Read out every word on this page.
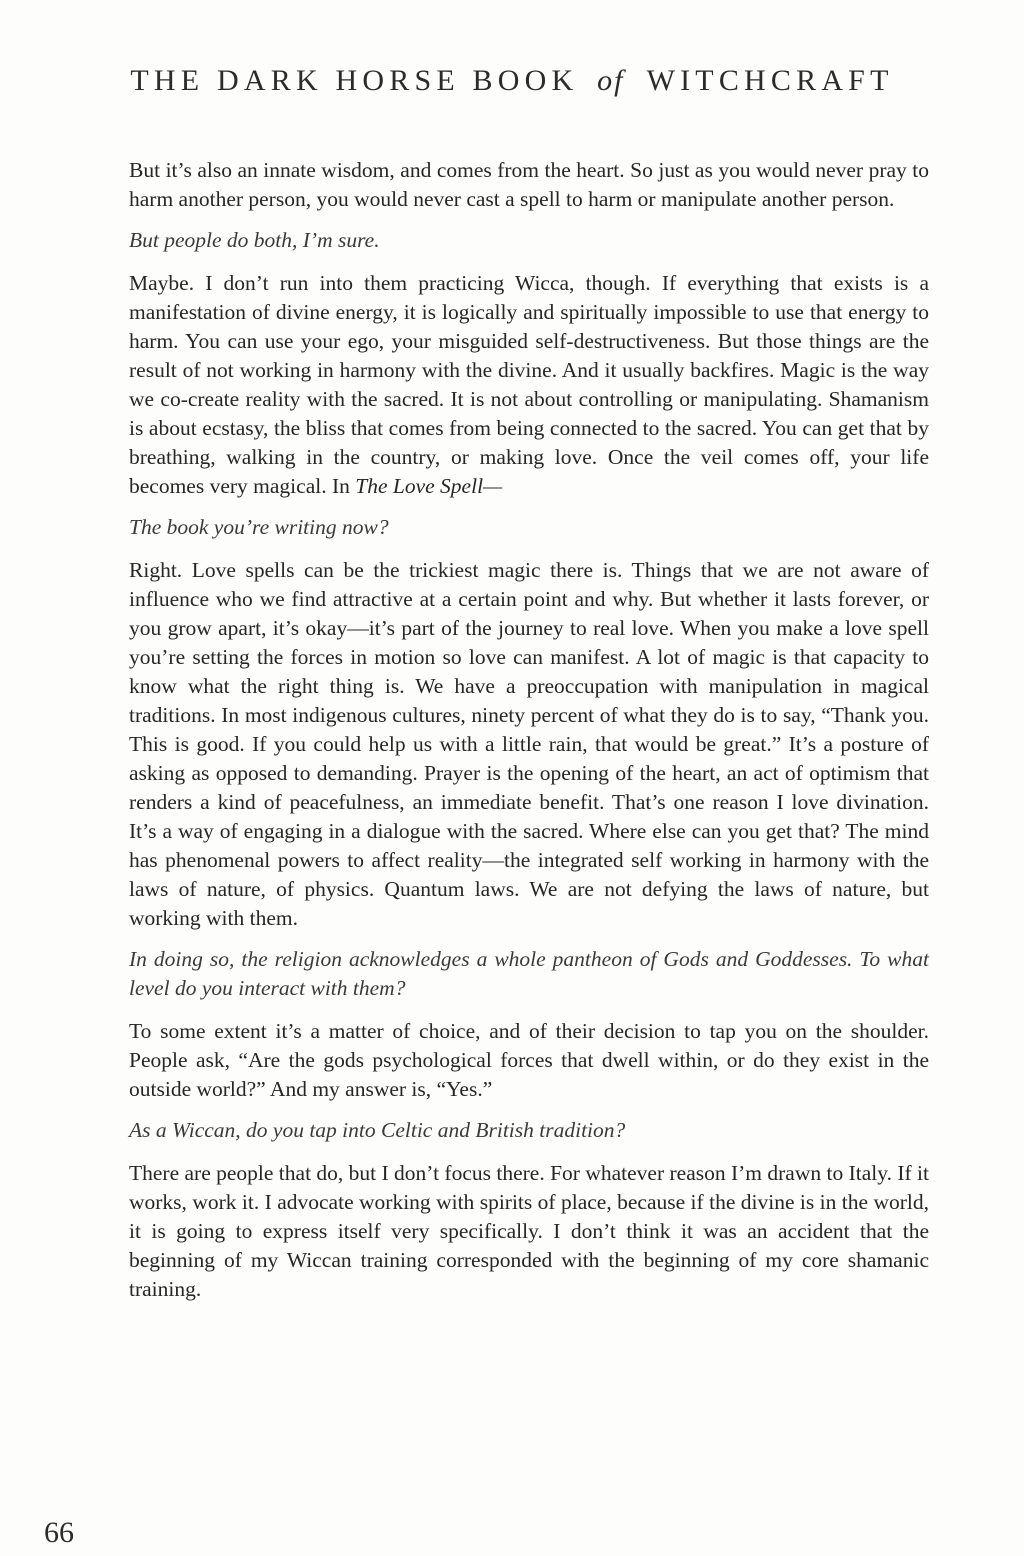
THE DARK HORSE BOOK of WITCHCRAFT

But it’s also an innate wisdom, and comes from the heart. So just as you would never pray to harm another person, you would never cast a spell to harm or manipulate another person.

But people do both, I’m sure.

Maybe. I don’t run into them practicing Wicca, though. If everything that exists is a manifestation of divine energy, it is logically and spiritually impossible to use that energy to harm. You can use your ego, your misguided self-destructiveness. But those things are the result of not working in harmony with the divine. And it usually backfires. Magic is the way we co-create reality with the sacred. It is not about controlling or manipulating. Shamanism is about ecstasy, the bliss that comes from being connected to the sacred. You can get that by breathing, walking in the country, or making love. Once the veil comes off, your life becomes very magical. In The Love Spell—

The book you’re writing now?

Right. Love spells can be the trickiest magic there is. Things that we are not aware of influence who we find attractive at a certain point and why. But whether it lasts forever, or you grow apart, it’s okay—it’s part of the journey to real love. When you make a love spell you’re setting the forces in motion so love can manifest. A lot of magic is that capacity to know what the right thing is. We have a preoccupation with manipulation in magical traditions. In most indigenous cultures, ninety percent of what they do is to say, “Thank you. This is good. If you could help us with a little rain, that would be great.” It’s a posture of asking as opposed to demanding. Prayer is the opening of the heart, an act of optimism that renders a kind of peacefulness, an immediate benefit. That’s one reason I love divination. It’s a way of engaging in a dialogue with the sacred. Where else can you get that? The mind has phenomenal powers to affect reality—the integrated self working in harmony with the laws of nature, of physics. Quantum laws. We are not defying the laws of nature, but working with them.

In doing so, the religion acknowledges a whole pantheon of Gods and Goddesses. To what level do you interact with them?

To some extent it’s a matter of choice, and of their decision to tap you on the shoulder. People ask, “Are the gods psychological forces that dwell within, or do they exist in the outside world?” And my answer is, “Yes.”

As a Wiccan, do you tap into Celtic and British tradition?

There are people that do, but I don’t focus there. For whatever reason I’m drawn to Italy. If it works, work it. I advocate working with spirits of place, because if the divine is in the world, it is going to express itself very specifically. I don’t think it was an accident that the beginning of my Wiccan training corresponded with the beginning of my core shamanic training.

66
